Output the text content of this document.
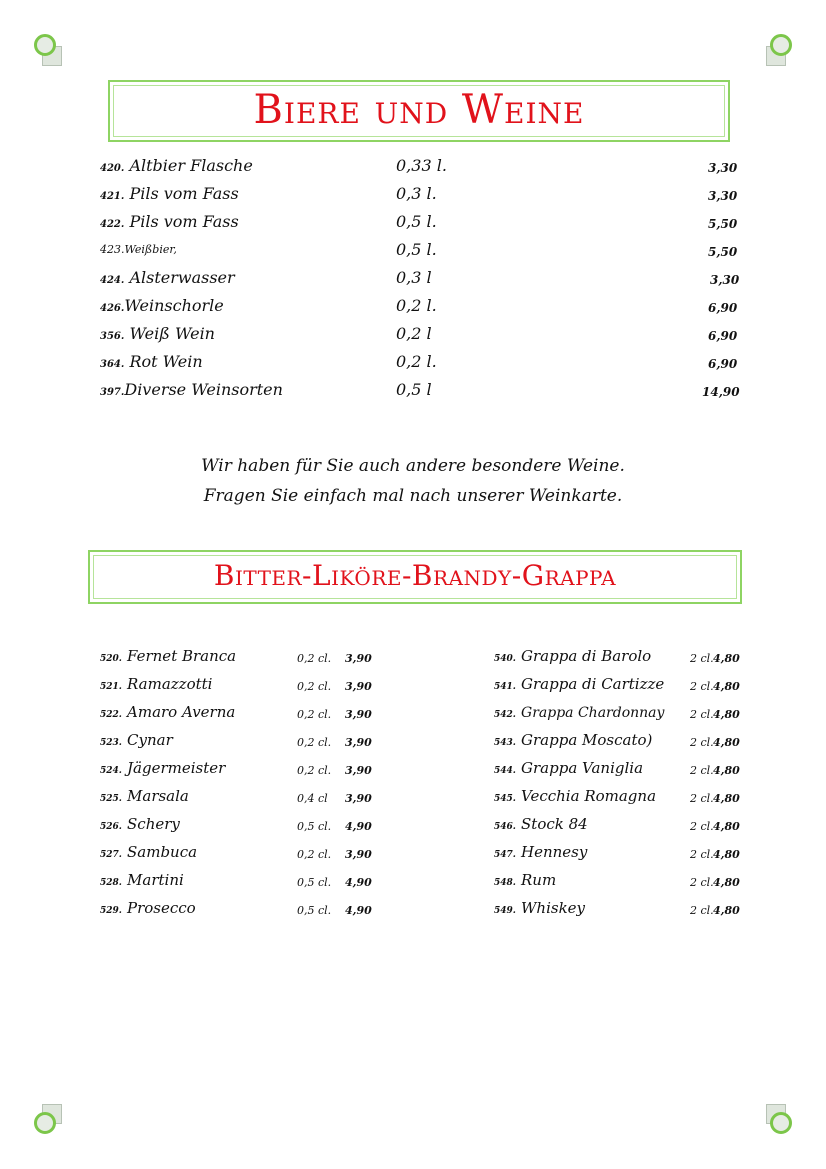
Biere und Weine
420. Altbier Flasche	0,33 l.	3,30
421. Pils vom Fass	0,3 l.	3,30
422. Pils vom Fass	0,5 l.	5,50
423.Weißbier,	0,5 l.	5,50
424. Alsterwasser	0,3 l	3,30
426.Weinschorle	0,2 l.	6,90
356. Weiß Wein	0,2 l	6,90
364. Rot Wein	0,2 l.	6,90
397.Diverse Weinsorten	0,5 l	14,90
Wir haben für Sie auch andere besondere Weine.
Fragen Sie einfach mal nach unserer Weinkarte.
Bitter-Liköre-Brandy-Grappa
520. Fernet Branca	0,2 cl. 3,90
521. Ramazzotti	0,2 cl. 3,90
522. Amaro Averna	0,2 cl. 3,90
523. Cynar	0,2 cl. 3,90
524. Jägermeister	0,2 cl. 3,90
525. Marsala	0,4 cl 3,90
526. Schery	0,5 cl. 4,90
527. Sambuca	0,2 cl. 3,90
528. Martini	0,5 cl. 4,90
529. Prosecco	0,5 cl. 4,90
540. Grappa di Barolo	2 cl. 4,80
541. Grappa di Cartizze 2 cl. 4,80
542. Grappa Chardonnay 2 cl. 4,80
543. Grappa Moscato)	2 cl. 4,80
544. Grappa Vaniglia	2 cl. 4,80
545. Vecchia Romagna	2 cl. 4,80
546. Stock 84	2 cl. 4,80
547. Hennesy	2 cl. 4,80
548. Rum	2 cl. 4,80
549. Whiskey	2 cl. 4,80
